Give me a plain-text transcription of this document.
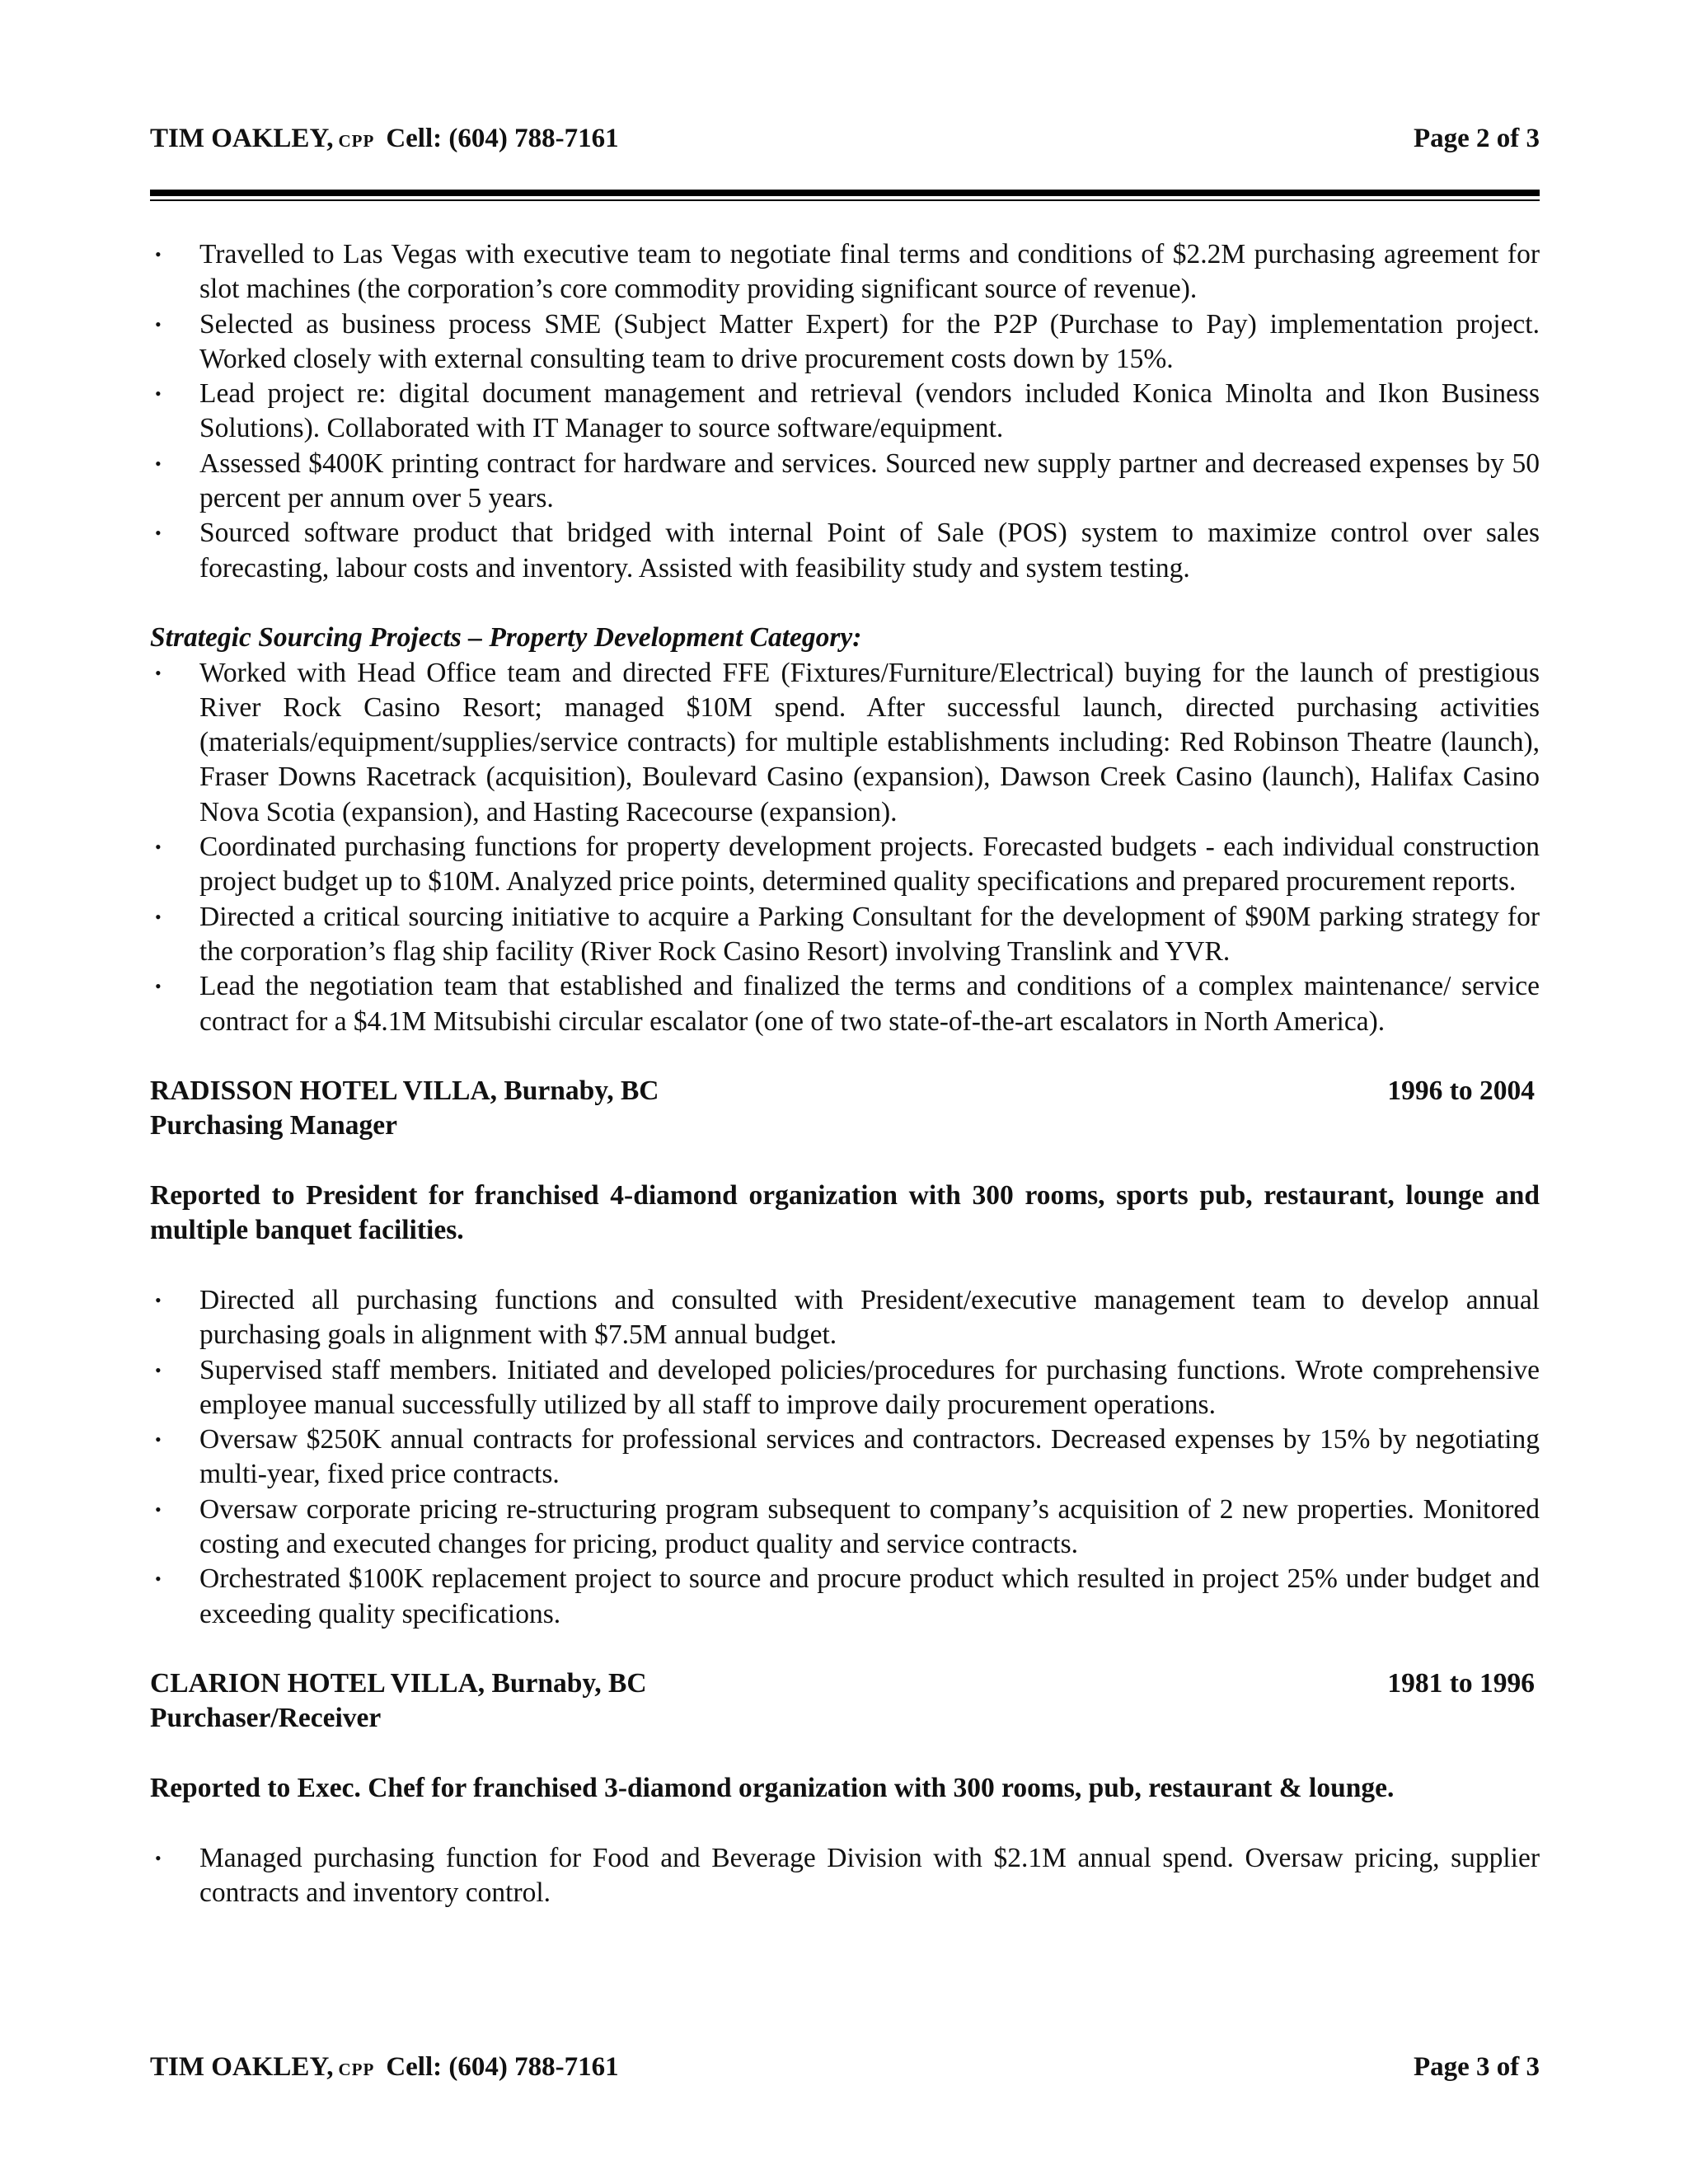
TIM OAKLEY, CPP Cell: (604) 788-7161	Page 2 of 3
• Travelled to Las Vegas with executive team to negotiate final terms and conditions of $2.2M purchasing agreement for slot machines (the corporation’s core commodity providing significant source of revenue).
• Selected as business process SME (Subject Matter Expert) for the P2P (Purchase to Pay) implementation project. Worked closely with external consulting team to drive procurement costs down by 15%.
• Lead project re: digital document management and retrieval (vendors included Konica Minolta and Ikon Business Solutions). Collaborated with IT Manager to source software/equipment.
• Assessed $400K printing contract for hardware and services. Sourced new supply partner and decreased expenses by 50 percent per annum over 5 years.
• Sourced software product that bridged with internal Point of Sale (POS) system to maximize control over sales forecasting, labour costs and inventory. Assisted with feasibility study and system testing.
Strategic Sourcing Projects – Property Development Category:
• Worked with Head Office team and directed FFE (Fixtures/Furniture/Electrical) buying for the launch of prestigious River Rock Casino Resort; managed $10M spend. After successful launch, directed purchasing activities (materials/equipment/supplies/service contracts) for multiple establishments including: Red Robinson Theatre (launch), Fraser Downs Racetrack (acquisition), Boulevard Casino (expansion), Dawson Creek Casino (launch), Halifax Casino Nova Scotia (expansion), and Hasting Racecourse (expansion).
• Coordinated purchasing functions for property development projects. Forecasted budgets - each individual construction project budget up to $10M. Analyzed price points, determined quality specifications and prepared procurement reports.
• Directed a critical sourcing initiative to acquire a Parking Consultant for the development of $90M parking strategy for the corporation’s flag ship facility (River Rock Casino Resort) involving Translink and YVR.
• Lead the negotiation team that established and finalized the terms and conditions of a complex maintenance/ service contract for a $4.1M Mitsubishi circular escalator (one of two state-of-the-art escalators in North America).
RADISSON HOTEL VILLA, Burnaby, BC	1996 to 2004
Purchasing Manager
Reported to President for franchised 4-diamond organization with 300 rooms, sports pub, restaurant, lounge and multiple banquet facilities.
• Directed all purchasing functions and consulted with President/executive management team to develop annual purchasing goals in alignment with $7.5M annual budget.
• Supervised staff members. Initiated and developed policies/procedures for purchasing functions. Wrote comprehensive employee manual successfully utilized by all staff to improve daily procurement operations.
• Oversaw $250K annual contracts for professional services and contractors. Decreased expenses by 15% by negotiating multi-year, fixed price contracts.
• Oversaw corporate pricing re-structuring program subsequent to company’s acquisition of 2 new properties. Monitored costing and executed changes for pricing, product quality and service contracts.
• Orchestrated $100K replacement project to source and procure product which resulted in project 25% under budget and exceeding quality specifications.
CLARION HOTEL VILLA, Burnaby, BC	1981 to 1996
Purchaser/Receiver
Reported to Exec. Chef for franchised 3-diamond organization with 300 rooms, pub, restaurant & lounge.
• Managed purchasing function for Food and Beverage Division with $2.1M annual spend. Oversaw pricing, supplier contracts and inventory control.
TIM OAKLEY, CPP Cell: (604) 788-7161	Page 3 of 3
